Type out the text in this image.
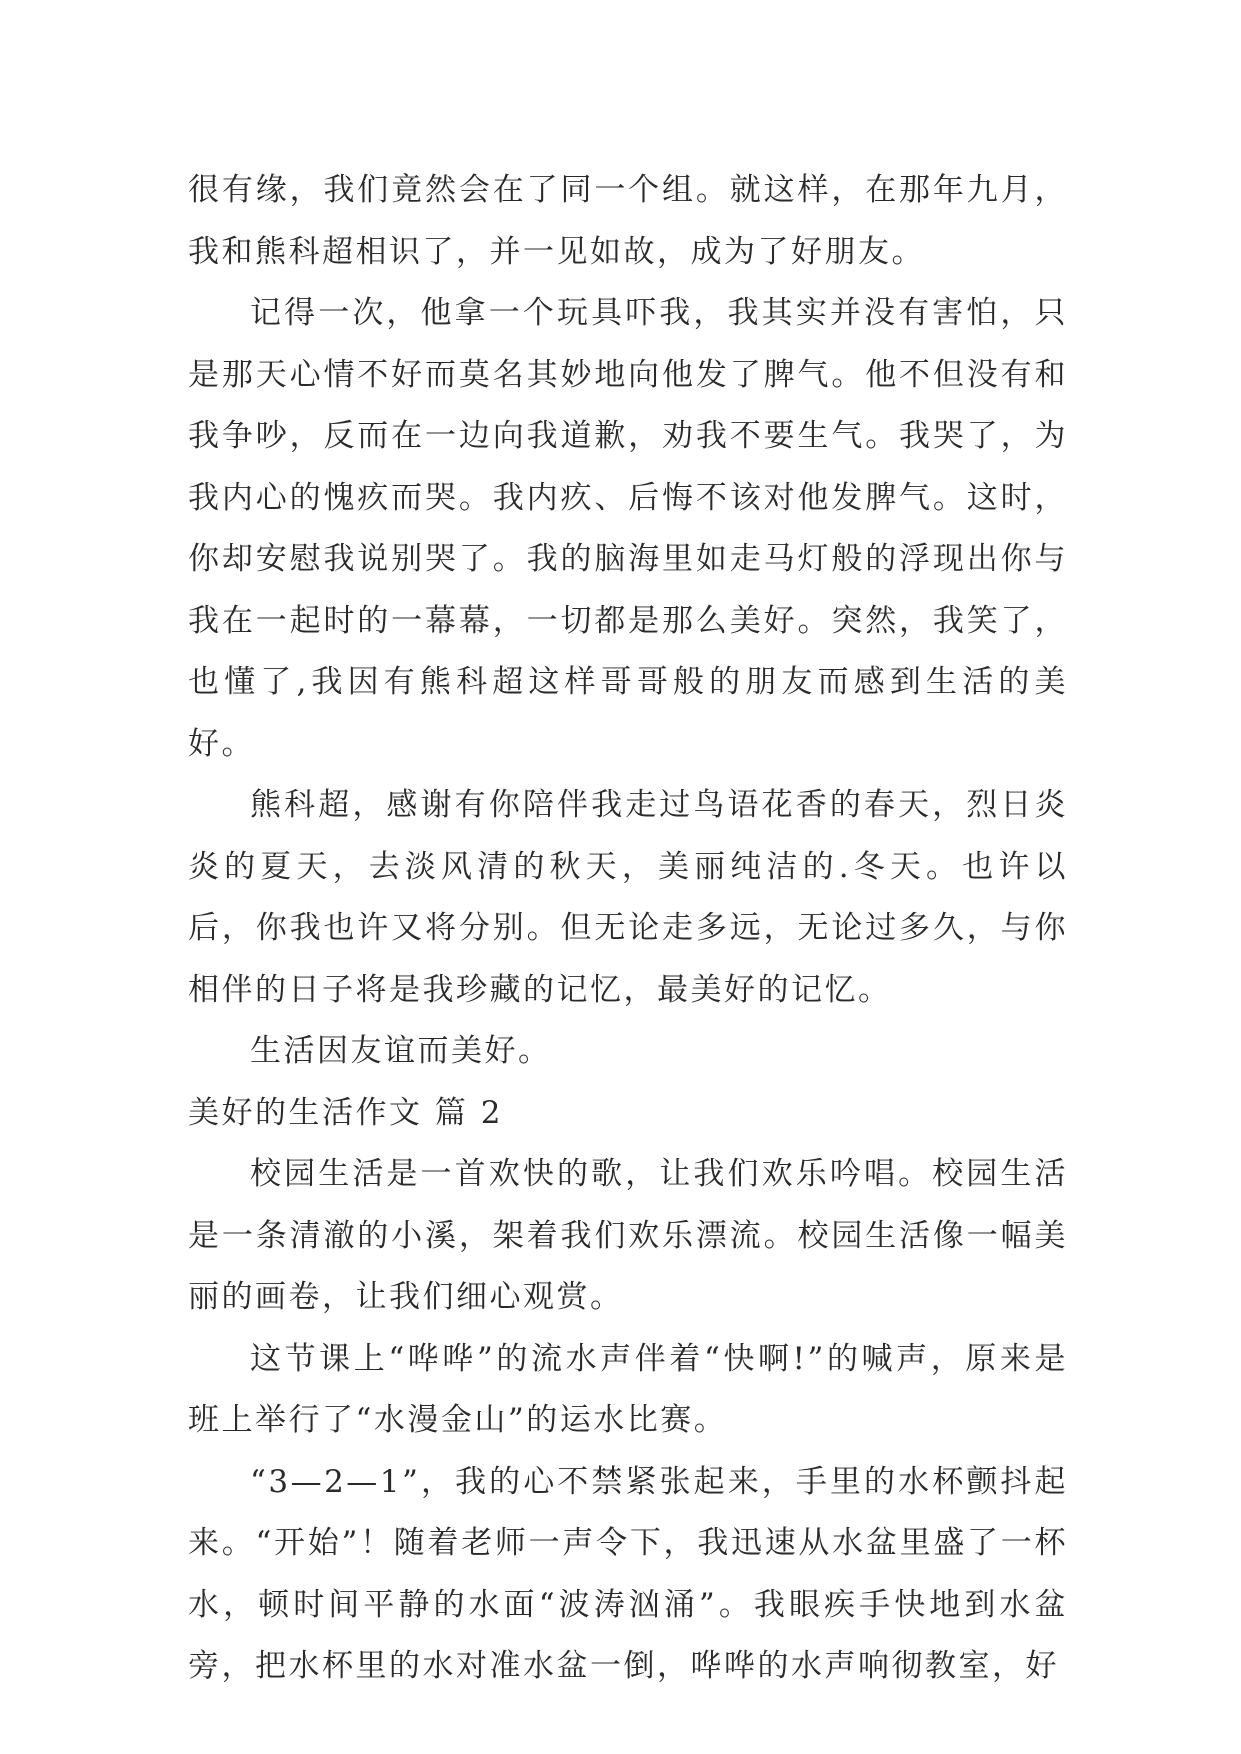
很有缘，我们竟然会在了同一个组。就这样，在那年九月，我和熊科超相识了，并一见如故，成为了好朋友。

记得一次，他拿一个玩具吓我，我其实并没有害怕，只是那天心情不好而莫名其妙地向他发了脾气。他不但没有和我争吵，反而在一边向我道歉，劝我不要生气。我哭了，为我内心的愧疚而哭。我内疚、后悔不该对他发脾气。这时，你却安慰我说别哭了。我的脑海里如走马灯般的浮现出你与我在一起时的一幕幕，一切都是那么美好。突然，我笑了，也懂了,我因有熊科超这样哥哥般的朋友而感到生活的美好。

熊科超，感谢有你陪伴我走过鸟语花香的春天，烈日炎炎的夏天，去淡风清的秋天，美丽纯洁的.冬天。也许以后，你我也许又将分别。但无论走多远，无论过多久，与你相伴的日子将是我珍藏的记忆，最美好的记忆。

生活因友谊而美好。

美好的生活作文 篇 2

校园生活是一首欢快的歌，让我们欢乐吟唱。校园生活是一条清澈的小溪，架着我们欢乐漂流。校园生活像一幅美丽的画卷，让我们细心观赏。

这节课上“哗哗”的流水声伴着“快啊!”的喊声，原来是班上举行了“水漫金山”的运水比赛。

“3—2—1”，我的心不禁紧张起来，手里的水杯颤抖起来。“开始”！随着老师一声令下，我迅速从水盆里盛了一杯水，顿时间平静的水面“波涛汹涌”。我眼疾手快地到水盆旁，把水杯里的水对准水盆一倒，哗哗的水声响彻教室，好
